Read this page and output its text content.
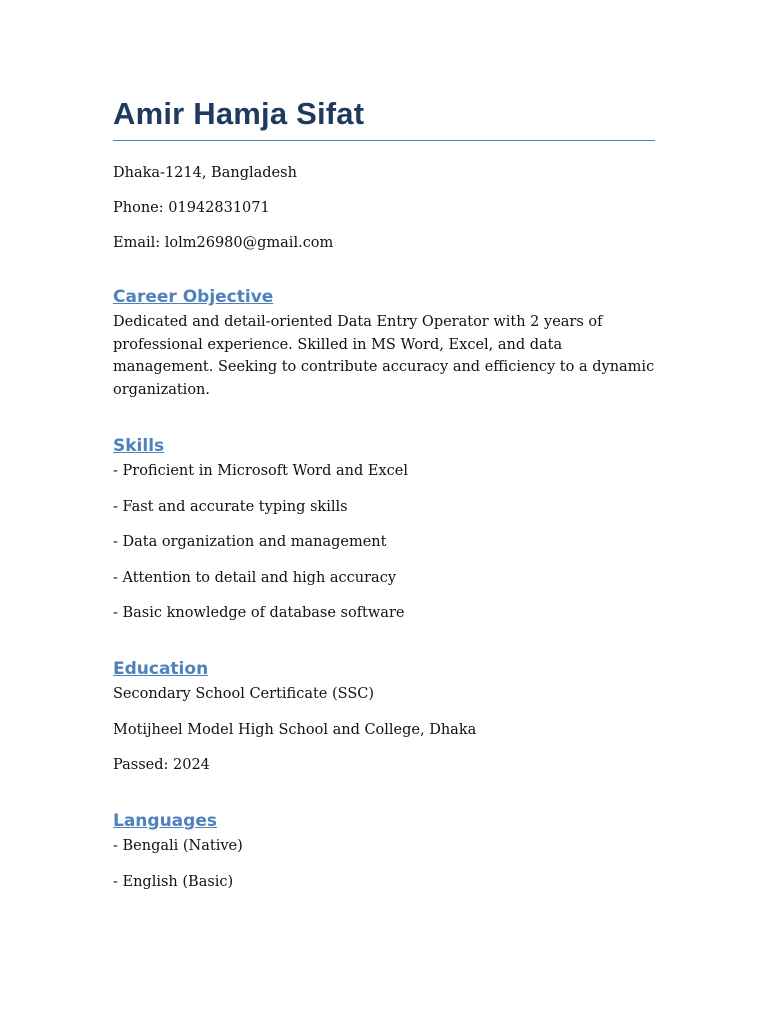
Amir Hamja Sifat

Dhaka-1214, Bangladesh

Phone: 01942831071

Email: lolm26980@gmail.com

Career Objective

Dedicated and detail-oriented Data Entry Operator with 2 years of professional experience. Skilled in MS Word, Excel, and data management. Seeking to contribute accuracy and efficiency to a dynamic organization.

Skills

- Proficient in Microsoft Word and Excel

- Fast and accurate typing skills

- Data organization and management

- Attention to detail and high accuracy

- Basic knowledge of database software

Education

Secondary School Certificate (SSC)

Motijheel Model High School and College, Dhaka

Passed: 2024

Languages

- Bengali (Native)

- English (Basic)
